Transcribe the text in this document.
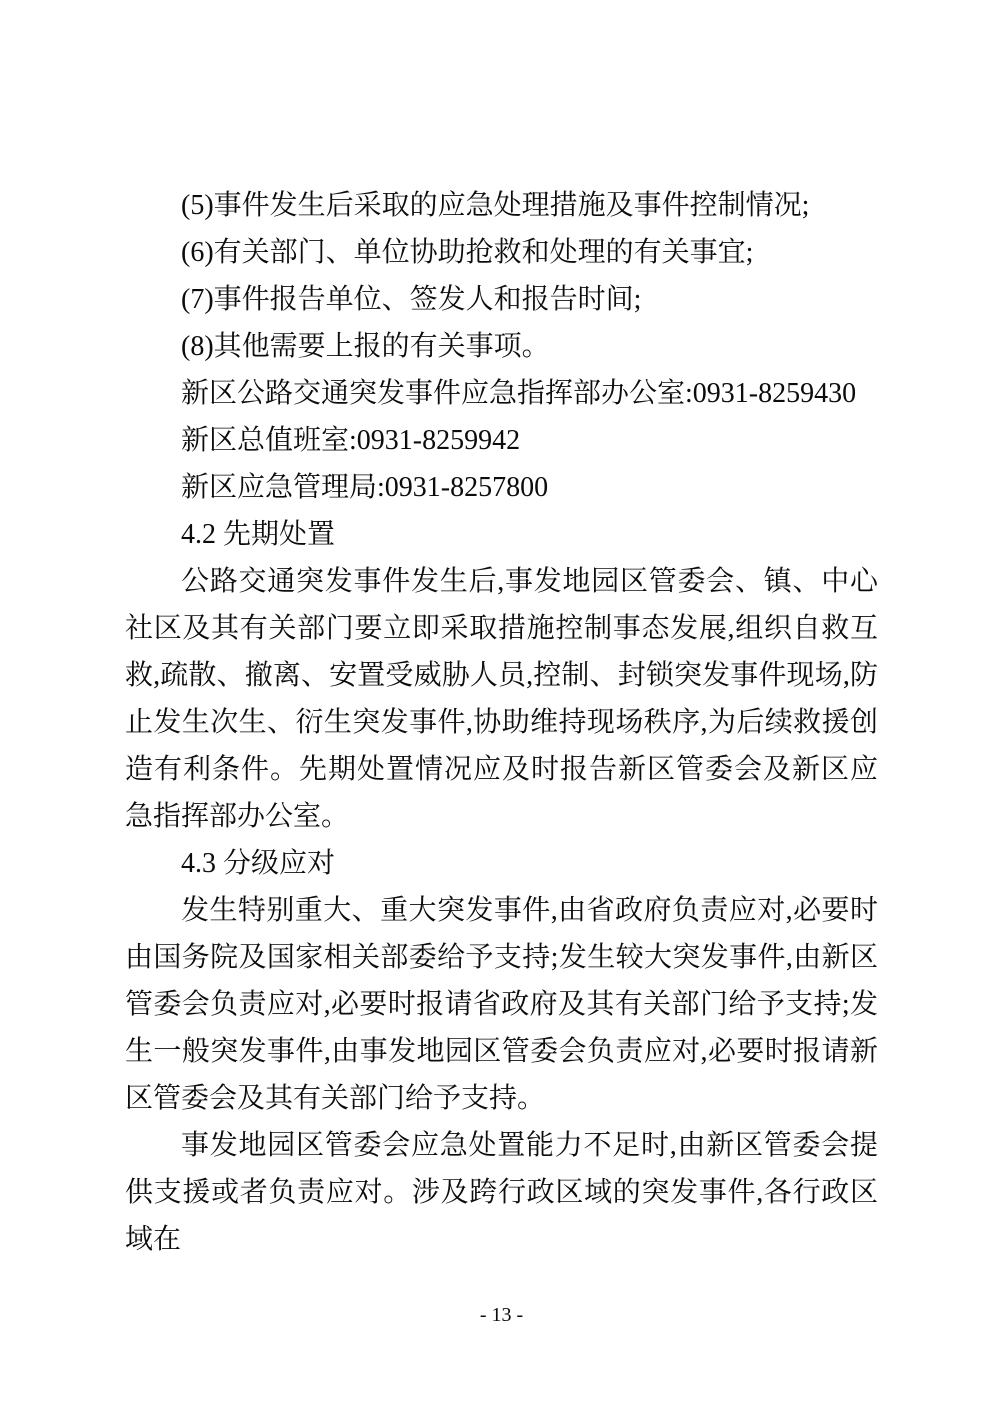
(5)事件发生后采取的应急处理措施及事件控制情况;

(6)有关部门、单位协助抢救和处理的有关事宜;

(7)事件报告单位、签发人和报告时间;

(8)其他需要上报的有关事项。

新区公路交通突发事件应急指挥部办公室:0931-8259430

新区总值班室:0931-8259942

新区应急管理局:0931-8257800

4.2 先期处置

公路交通突发事件发生后,事发地园区管委会、镇、中心社区及其有关部门要立即采取措施控制事态发展,组织自救互救,疏散、撤离、安置受威胁人员,控制、封锁突发事件现场,防止发生次生、衍生突发事件,协助维持现场秩序,为后续救援创造有利条件。先期处置情况应及时报告新区管委会及新区应急指挥部办公室。

4.3 分级应对

发生特别重大、重大突发事件,由省政府负责应对,必要时由国务院及国家相关部委给予支持;发生较大突发事件,由新区管委会负责应对,必要时报请省政府及其有关部门给予支持;发生一般突发事件,由事发地园区管委会负责应对,必要时报请新区管委会及其有关部门给予支持。

事发地园区管委会应急处置能力不足时,由新区管委会提供支援或者负责应对。涉及跨行政区域的突发事件,各行政区域在

- 13 -
